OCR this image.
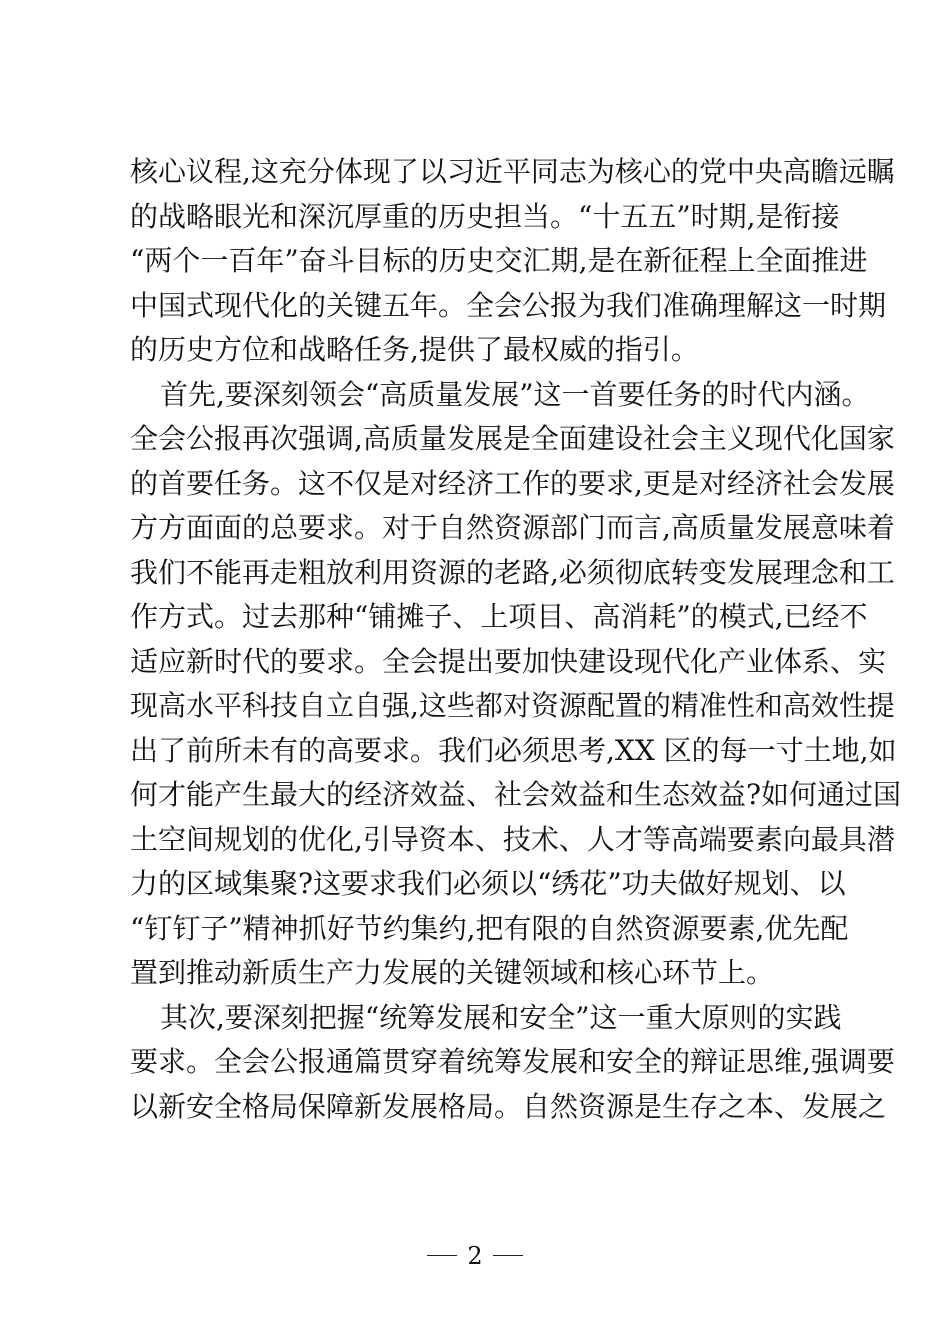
核心议程,这充分体现了以习近平同志为核心的党中央高瞻远瞩
的战略眼光和深沉厚重的历史担当。“十五五”时期,是衔接
“两个一百年”奋斗目标的历史交汇期,是在新征程上全面推进
中国式现代化的关键五年。全会公报为我们准确理解这一时期
的历史方位和战略任务,提供了最权威的指引。
首先,要深刻领会“高质量发展”这一首要任务的时代内涵。
全会公报再次强调,高质量发展是全面建设社会主义现代化国家
的首要任务。这不仅是对经济工作的要求,更是对经济社会发展
方方面面的总要求。对于自然资源部门而言,高质量发展意味着
我们不能再走粗放利用资源的老路,必须彻底转变发展理念和工
作方式。过去那种“铺摊子、上项目、高消耗”的模式,已经不
适应新时代的要求。全会提出要加快建设现代化产业体系、实
现高水平科技自立自强,这些都对资源配置的精准性和高效性提
出了前所未有的高要求。我们必须思考,XX 区的每一寸土地,如
何才能产生最大的经济效益、社会效益和生态效益?如何通过国
土空间规划的优化,引导资本、技术、人才等高端要素向最具潜
力的区域集聚?这要求我们必须以“绣花”功夫做好规划、以
“钉钉子”精神抓好节约集约,把有限的自然资源要素,优先配
置到推动新质生产力发展的关键领域和核心环节上。
其次,要深刻把握“统筹发展和安全”这一重大原则的实践
要求。全会公报通篇贯穿着统筹发展和安全的辩证思维,强调要
以新安全格局保障新发展格局。自然资源是生存之本、发展之
2
